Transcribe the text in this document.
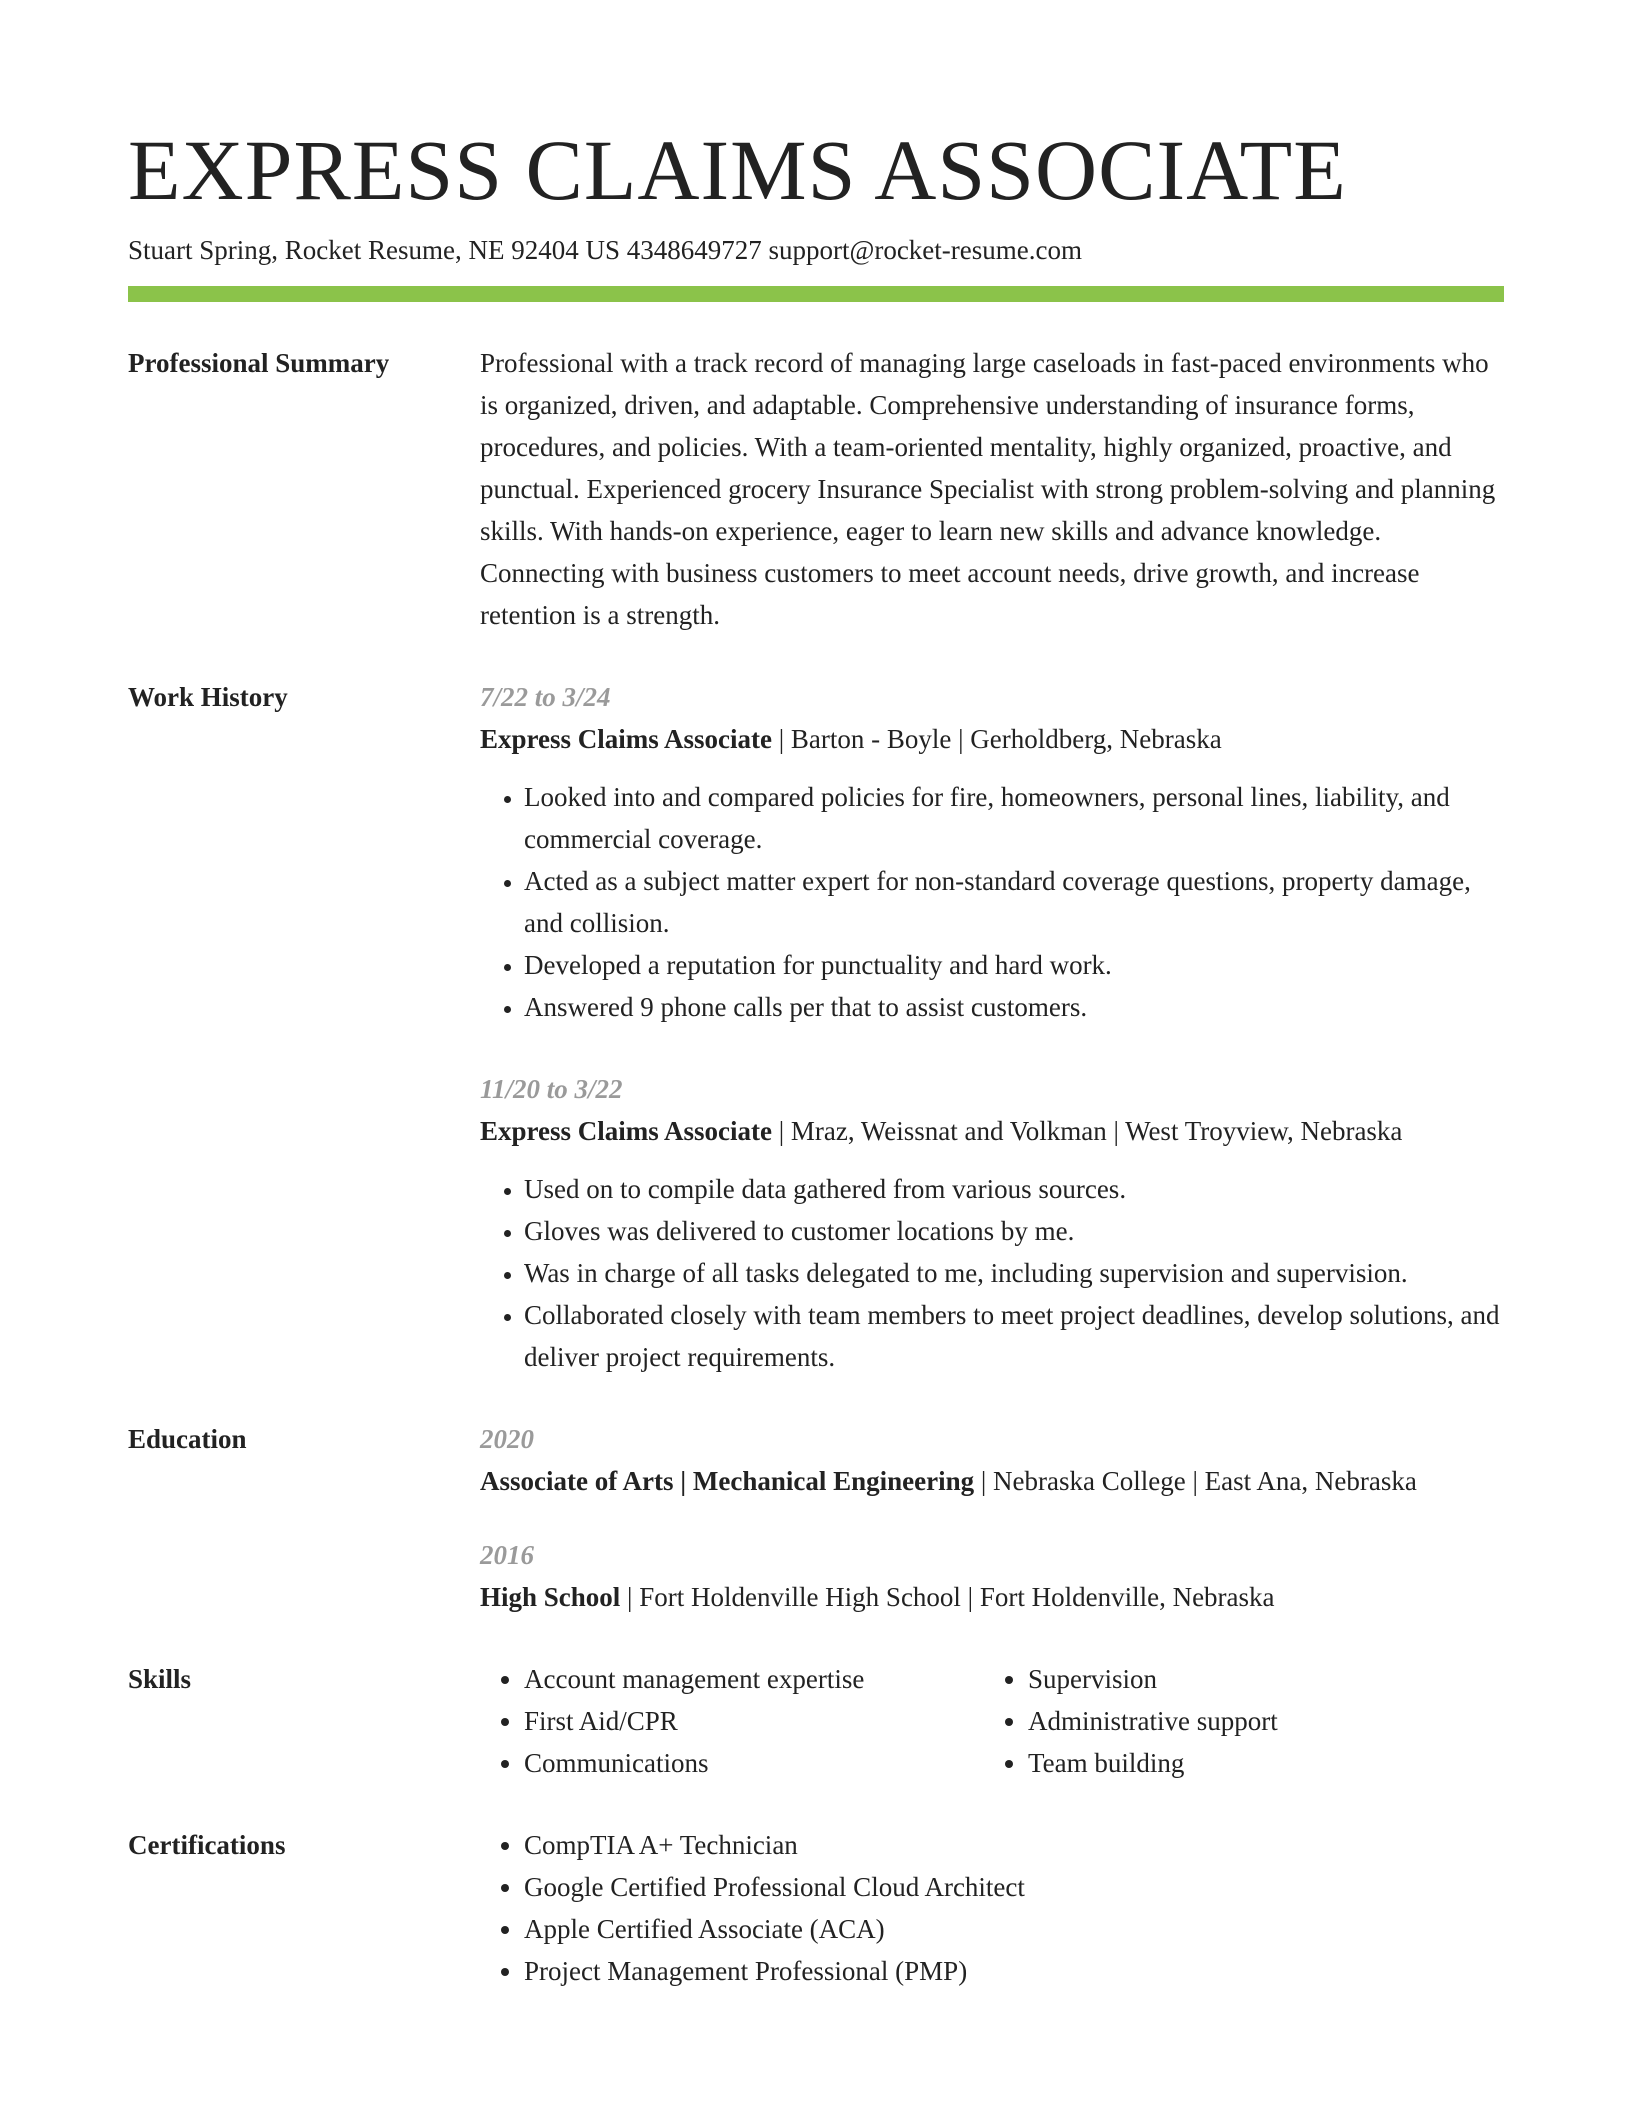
EXPRESS CLAIMS ASSOCIATE
Stuart Spring, Rocket Resume, NE 92404 US 4348649727 support@rocket-resume.com
Professional Summary	Professional with a track record of managing large caseloads in fast-paced environments who is organized, driven, and adaptable. Comprehensive understanding of insurance forms, procedures, and policies. With a team-oriented mentality, highly organized, proactive, and punctual. Experienced grocery Insurance Specialist with strong problem-solving and planning skills. With hands-on experience, eager to learn new skills and advance knowledge. Connecting with business customers to meet account needs, drive growth, and increase retention is a strength.

Work History	7/22 to 3/24
Express Claims Associate | Barton - Boyle | Gerholdberg, Nebraska
• Looked into and compared policies for fire, homeowners, personal lines, liability, and commercial coverage.
• Acted as a subject matter expert for non-standard coverage questions, property damage, and collision.
• Developed a reputation for punctuality and hard work.
• Answered 9 phone calls per that to assist customers.
11/20 to 3/22
Express Claims Associate | Mraz, Weissnat and Volkman | West Troyview, Nebraska
• Used on to compile data gathered from various sources.
• Gloves was delivered to customer locations by me.
• Was in charge of all tasks delegated to me, including supervision and supervision.
• Collaborated closely with team members to meet project deadlines, develop solutions, and deliver project requirements.
Education	2020
Associate of Arts | Mechanical Engineering | Nebraska College | East Ana, Nebraska
2016
High School | Fort Holdenville High School | Fort Holdenville, Nebraska
Skills	• Account management expertise
• First Aid/CPR
• Communications
• Supervision
• Administrative support
• Team building
Certifications	• CompTIA A+ Technician
• Google Certified Professional Cloud Architect
• Apple Certified Associate (ACA)
• Project Management Professional (PMP)
